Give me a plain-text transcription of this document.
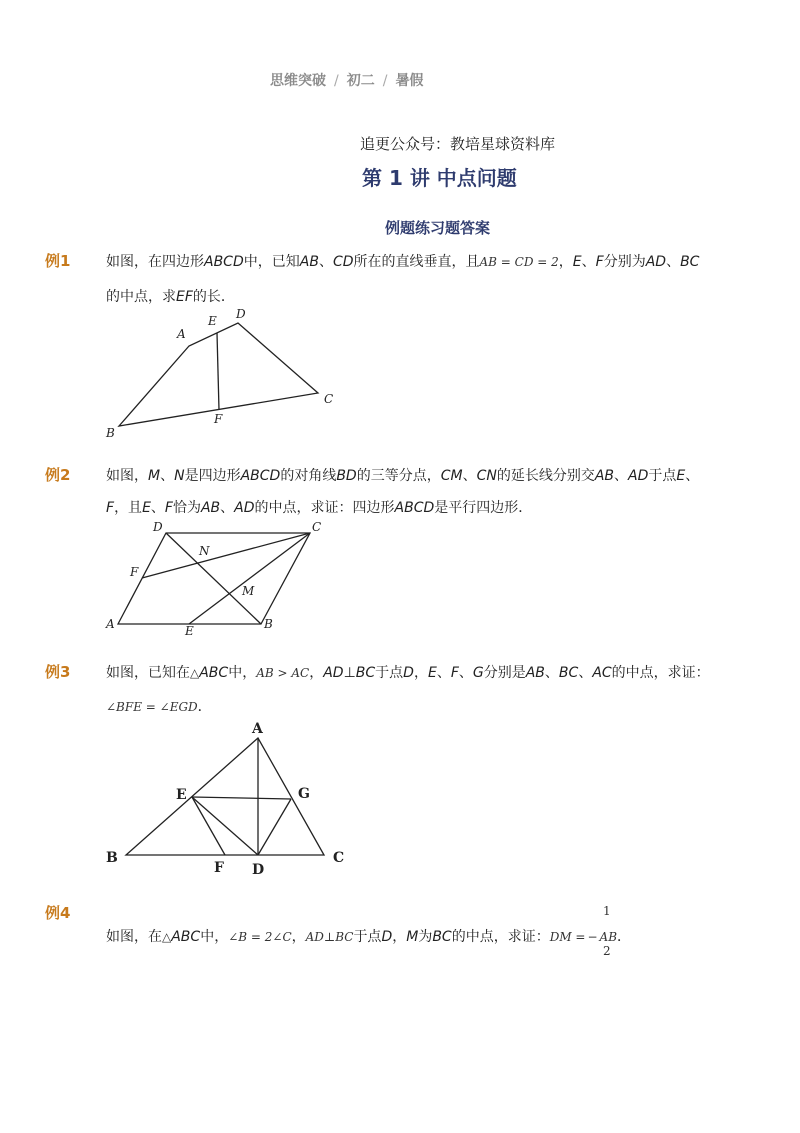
思维突破 / 初二 / 暑假
追更公众号：教培星球资料库
第 1 讲 中点问题
例题练习题答案
例1	如图，在四边形ABCD中，已知AB、CD所在的直线垂直，且AB = CD = 2，E、F分别为AD、BC
的中点，求EF的长．
A
B
C
D
E
F
A	B
C
D
E
F
M
N
A
B	C
D
E
F
G
例2	如图，M、N是四边形ABCD的对角线BD的三等分点，CM、CN的延长线分别交AB、AD于点E、
F，且E、F恰为AB、AD的中点，求证：四边形ABCD是平行四边形．
例3	如图，已知在△ABC中，AB > AC，AD⊥BC于点D，E、F、G分别是AB、BC、AC的中点，求证：
∠BFE = ∠EGD．
例4
如图，在△ABC中，∠B = 2∠C，AD⊥BC于点D，M为BC的中点，求证：DM = − AB．
1
2
